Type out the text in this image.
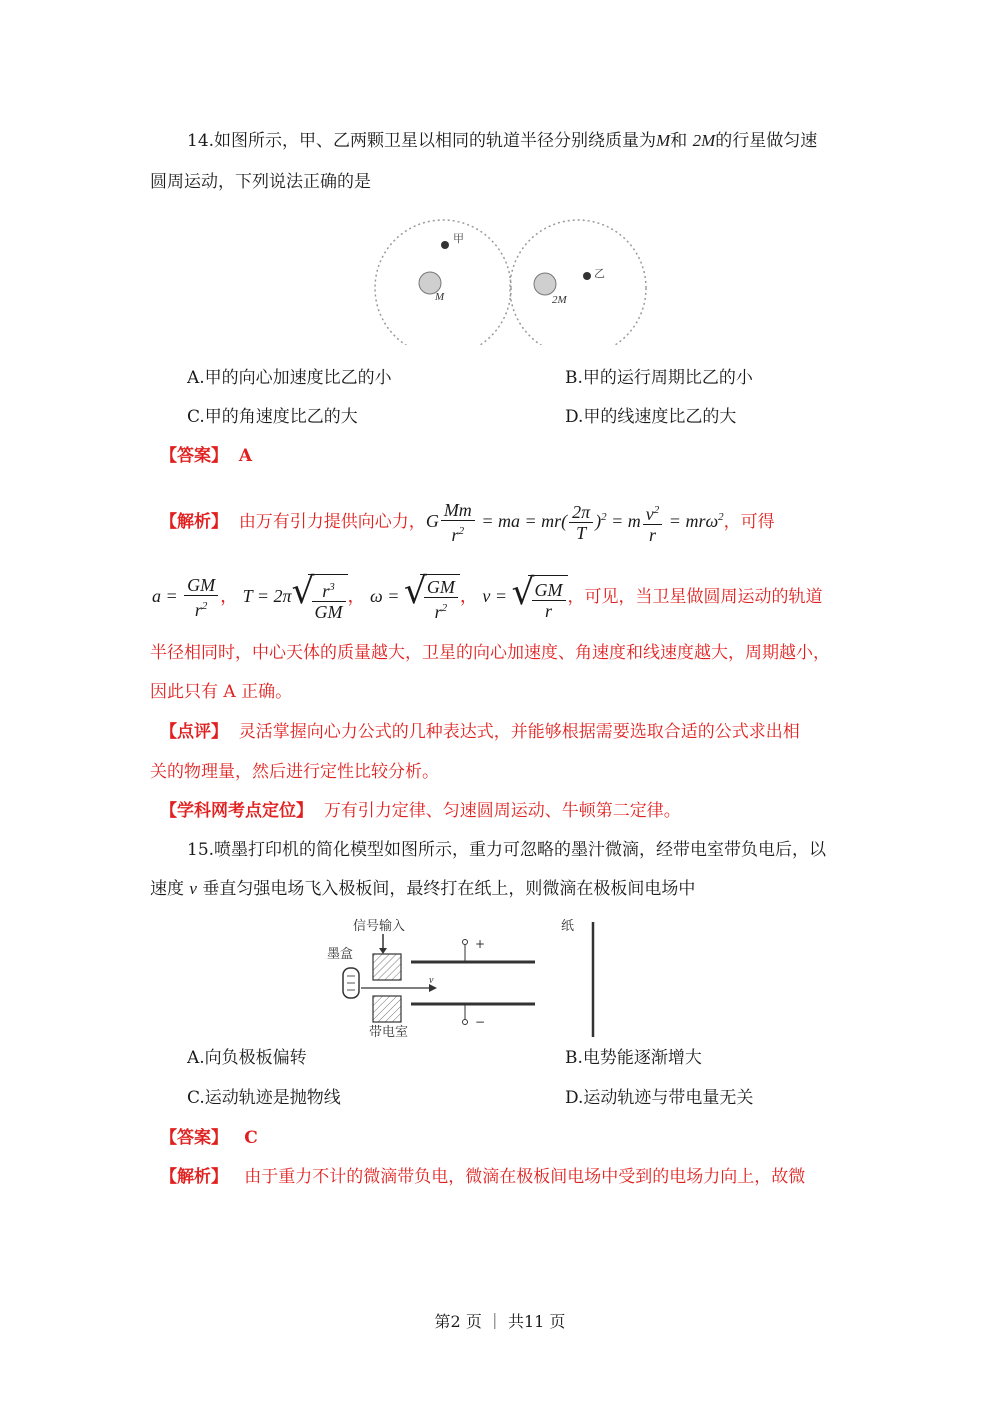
14.如图所示，甲、乙两颗卫星以相同的轨道半径分别绕质量为M和 2M的行星做匀速
圆周运动，下列说法正确的是
甲
乙
M	2M
A.甲的向心加速度比乙的小	B.甲的运行周期比乙的小
C.甲的角速度比乙的大	D.甲的线速度比乙的大
【答案】 A
【解析】 由万有引力提供向心力，G $\frac{Mm}{r^2}$ = ma = $mr( \frac{2\pi}{T} )^2 = m \frac{v^2}{r} = mr\omega^2$，可得
$a = \frac{GM}{r^2}$ ， T = 2π √
$\frac{r^3}{GM}$ ， ω = √
$\frac{GM}{r^2}$ ， v = √
$\frac{GM}{r}$ ，可见，当卫星做圆周运动的轨道
半径相同时，中心天体的质量越大，卫星的向心加速度、角速度和线速度越大，周期越小，
因此只有 A 正确。
【点评】 灵活掌握向心力公式的几种表达式，并能够根据需要选取合适的公式求出相
关的物理量，然后进行定性比较分析。
【学科网考点定位】 万有引力定律、匀速圆周运动、牛顿第二定律。
15.喷墨打印机的简化模型如图所示，重力可忽略的墨汁微滴，经带电室带负电后，以
速度 v 垂直匀强电场飞入极板间，最终打在纸上，则微滴在极板间电场中
信号输入
墨盒
v
+
−
带电室
纸
A.向负极板偏转	B.电势能逐渐增大
C.运动轨迹是抛物线	D.运动轨迹与带电量无关
【答案】 C
【解析】 由于重力不计的微滴带负电，微滴在极板间电场中受到的电场力向上，故微
第2 页 ｜ 共11 页
